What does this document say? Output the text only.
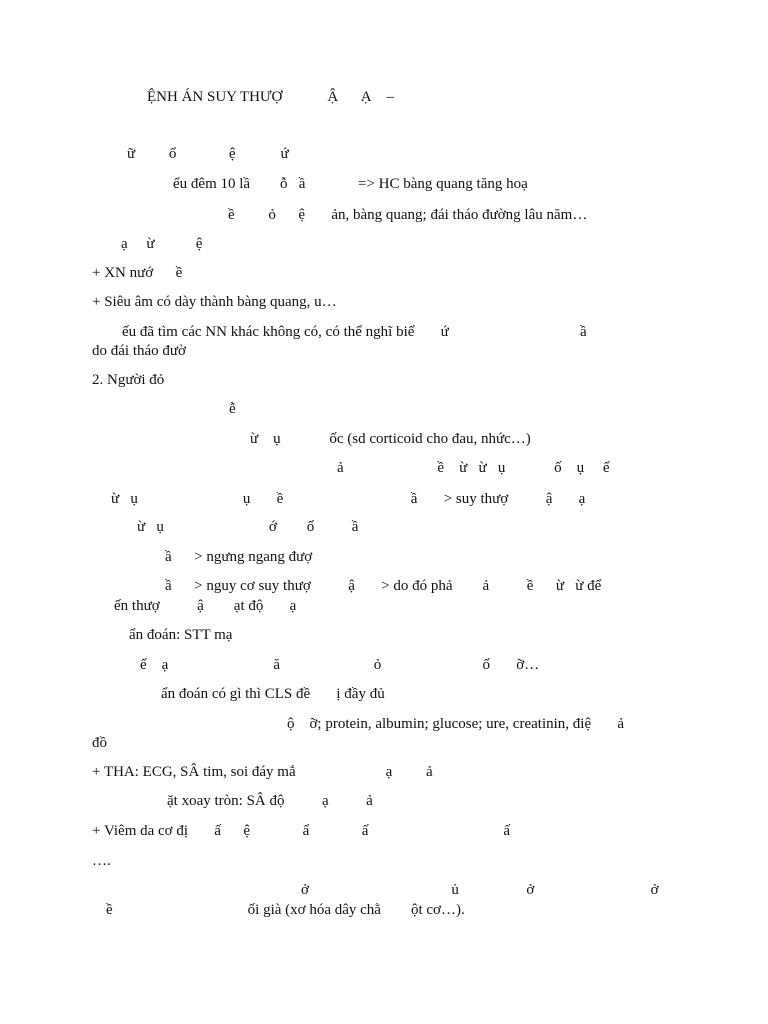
ỆNH ÁN SUY THƯỢ            Ậ      Ạ    –
ữ         ổ              ệ            ứ
ểu đêm 10 lầ        ỗ   ầ              => HC bàng quang tăng hoạ
ề         ỏ      ệ       ản, bàng quang; đái tháo đường lâu năm…
ạ     ừ           ệ
+ XN nướ      ề
+ Siêu âm có dày thành bàng quang, u…
ếu đã tìm các NN khác không có, có thể nghĩ biế       ứ                                   ầ
do đái tháo đườ
2. Người đỏ
ễ
ừ    ụ             ốc (sd corticoid cho đau, nhức…)
ả                         ề    ừ   ừ   ụ             ố    ụ     ể
ừ   ụ                            ụ       ề                                  ầ       > suy thượ          ậ       ạ
ừ   ụ                            ớ        ố          ầ
ầ      > ngưng ngang đượ
ầ      > nguy cơ suy thượ          ậ       > do đó phả        ả          ề      ừ   ừ để
ến thượ          ậ        ạt độ       ạ
ẩn đoán: STT mạ
ể    ạ                            ă                         ỏ                           ố       ỡ…
ẩn đoán có gì thì CLS đề       ị đầy đủ
ộ    ỡ; protein, albumin; glucose; ure, creatinin, điệ       ả
đồ
+ THA: ECG, SÂ tim, soi đáy mắ                        ạ         ả
ặt xoay tròn: SÂ độ          ạ          ả
+ Viêm da cơ đị       ấ      ệ              ẩ              ấ                                    ấ
….
ở                                      ủ                  ở                               ở
ề                                    ối già (xơ hóa dây chằ        ột cơ…).
